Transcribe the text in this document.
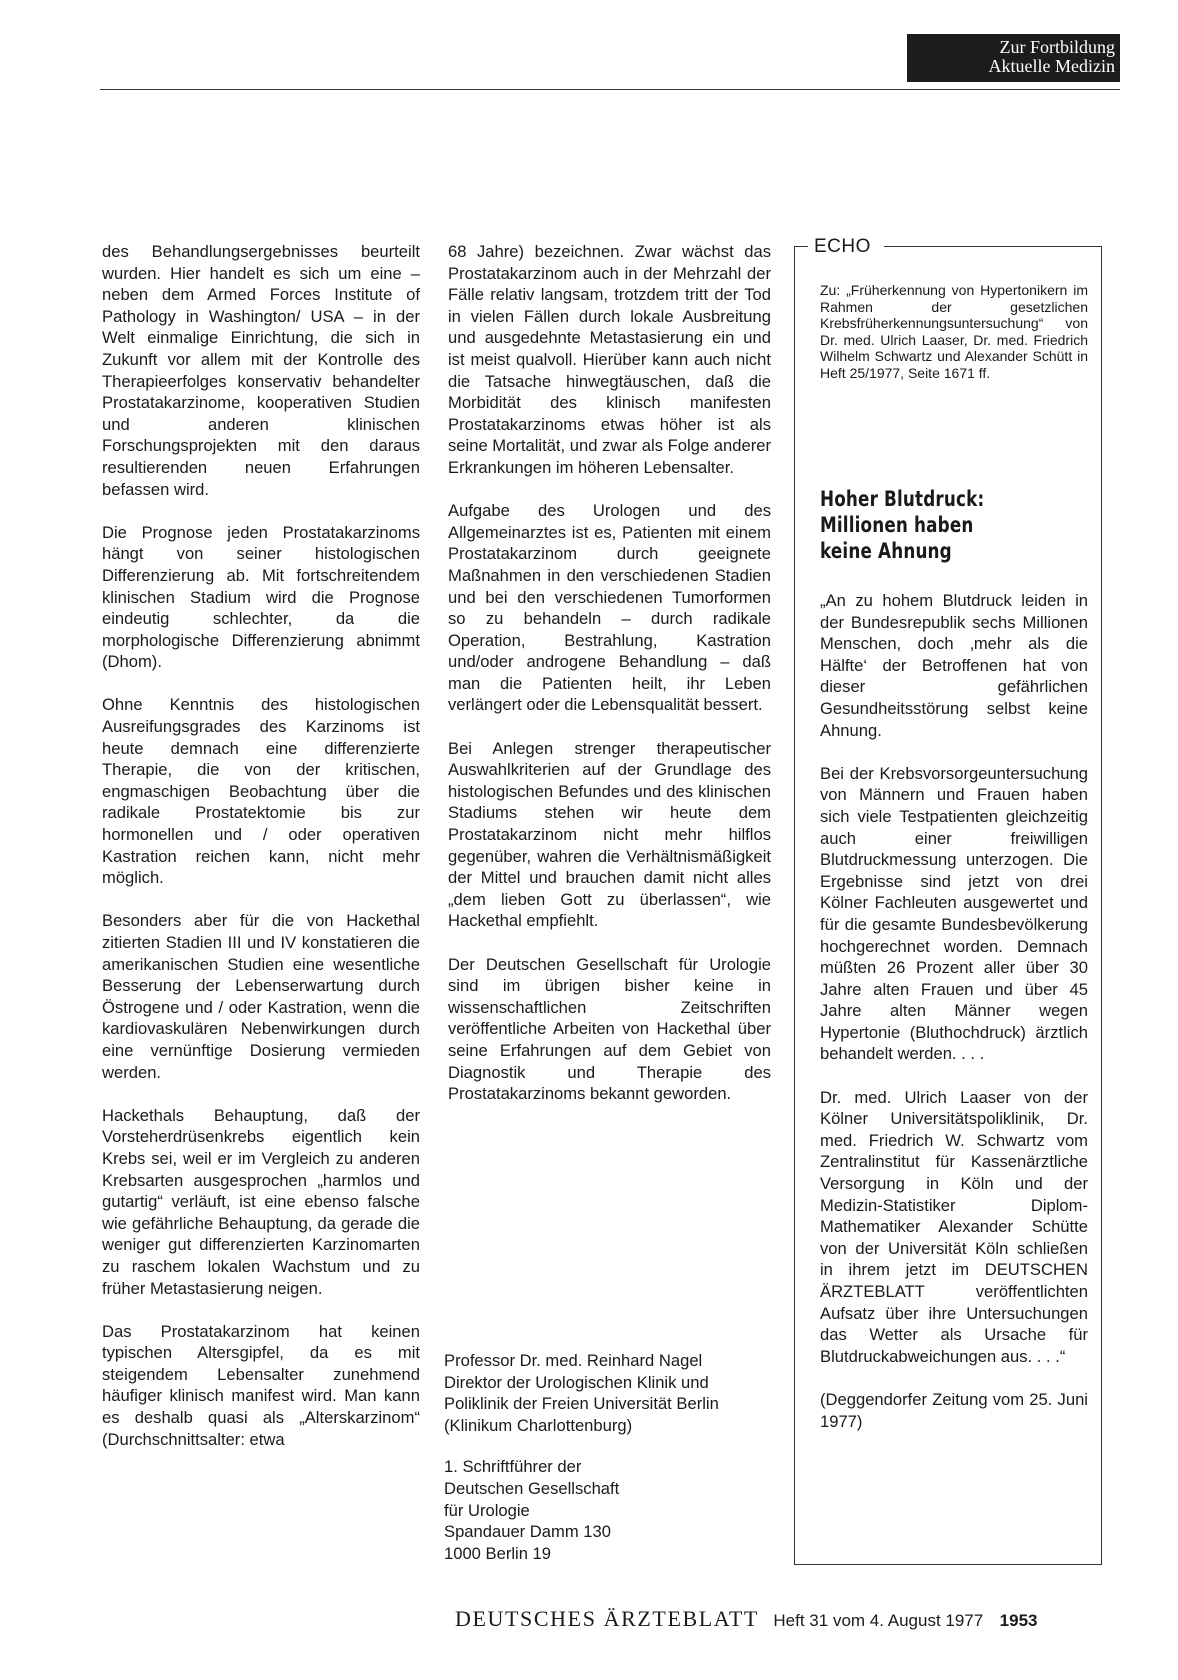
Zur Fortbildung
Aktuelle Medizin

des Behandlungsergebnisses beurteilt wurden. Hier handelt es sich um eine – neben dem Armed Forces Institute of Pathology in Washington/ USA – in der Welt einmalige Einrichtung, die sich in Zukunft vor allem mit der Kontrolle des Therapieerfolges konservativ behandelter Prostatakarzinome, kooperativen Studien und anderen klinischen Forschungsprojekten mit den daraus resultierenden neuen Erfahrungen befassen wird.

Die Prognose jeden Prostatakarzinoms hängt von seiner histologischen Differenzierung ab. Mit fortschreitendem klinischen Stadium wird die Prognose eindeutig schlechter, da die morphologische Differenzierung abnimmt (Dhom).

Ohne Kenntnis des histologischen Ausreifungsgrades des Karzinoms ist heute demnach eine differenzierte Therapie, die von der kritischen, engmaschigen Beobachtung über die radikale Prostatektomie bis zur hormonellen und / oder operativen Kastration reichen kann, nicht mehr möglich.

Besonders aber für die von Hackethal zitierten Stadien III und IV konstatieren die amerikanischen Studien eine wesentliche Besserung der Lebenserwartung durch Östrogene und / oder Kastration, wenn die kardiovaskulären Nebenwirkungen durch eine vernünftige Dosierung vermieden werden.

Hackethals Behauptung, daß der Vorsteherdrüsenkrebs eigentlich kein Krebs sei, weil er im Vergleich zu anderen Krebsarten ausgesprochen „harmlos und gutartig“ verläuft, ist eine ebenso falsche wie gefährliche Behauptung, da gerade die weniger gut differenzierten Karzinomarten zu raschem lokalen Wachstum und zu früher Metastasierung neigen.

Das Prostatakarzinom hat keinen typischen Altersgipfel, da es mit steigendem Lebensalter zunehmend häufiger klinisch manifest wird. Man kann es deshalb quasi als „Alterskarzinom“ (Durchschnittsalter: etwa

68 Jahre) bezeichnen. Zwar wächst das Prostatakarzinom auch in der Mehrzahl der Fälle relativ langsam, trotzdem tritt der Tod in vielen Fällen durch lokale Ausbreitung und ausgedehnte Metastasierung ein und ist meist qualvoll. Hierüber kann auch nicht die Tatsache hinwegtäuschen, daß die Morbidität des klinisch manifesten Prostatakarzinoms etwas höher ist als seine Mortalität, und zwar als Folge anderer Erkrankungen im höheren Lebensalter.

Aufgabe des Urologen und des Allgemeinarztes ist es, Patienten mit einem Prostatakarzinom durch geeignete Maßnahmen in den verschiedenen Stadien und bei den verschiedenen Tumorformen so zu behandeln – durch radikale Operation, Bestrahlung, Kastration und/oder androgene Behandlung – daß man die Patienten heilt, ihr Leben verlängert oder die Lebensqualität bessert.

Bei Anlegen strenger therapeutischer Auswahlkriterien auf der Grundlage des histologischen Befundes und des klinischen Stadiums stehen wir heute dem Prostatakarzinom nicht mehr hilflos gegenüber, wahren die Verhältnismäßigkeit der Mittel und brauchen damit nicht alles „dem lieben Gott zu überlassen“, wie Hackethal empfiehlt.

Der Deutschen Gesellschaft für Urologie sind im übrigen bisher keine in wissenschaftlichen Zeitschriften veröffentliche Arbeiten von Hackethal über seine Erfahrungen auf dem Gebiet von Diagnostik und Therapie des Prostatakarzinoms bekannt geworden.

Professor Dr. med. Reinhard Nagel
Direktor der Urologischen Klinik und Poliklinik der Freien Universität Berlin (Klinikum Charlottenburg)

1. Schriftführer der
Deutschen Gesellschaft
für Urologie
Spandauer Damm 130
1000 Berlin 19

ECHO
Zu: „Früherkennung von Hypertonikern im Rahmen der gesetzlichen Krebsfrüherkennungsuntersuchung“ von Dr. med. Ulrich Laaser, Dr. med. Friedrich Wilhelm Schwartz und Alexander Schütt in Heft 25/1977, Seite 1671 ff.
Hoher Blutdruck:
Millionen haben
keine Ahnung

„An zu hohem Blutdruck leiden in der Bundesrepublik sechs Millionen Menschen, doch ‚mehr als die Hälfte‘ der Betroffenen hat von dieser gefährlichen Gesundheitsstörung selbst keine Ahnung.

Bei der Krebsvorsorgeuntersuchung von Männern und Frauen haben sich viele Testpatienten gleichzeitig auch einer freiwilligen Blutdruckmessung unterzogen. Die Ergebnisse sind jetzt von drei Kölner Fachleuten ausgewertet und für die gesamte Bundesbevölkerung hochgerechnet worden. Demnach müßten 26 Prozent aller über 30 Jahre alten Frauen und über 45 Jahre alten Männer wegen Hypertonie (Bluthochdruck) ärztlich behandelt werden. . . .

Dr. med. Ulrich Laaser von der Kölner Universitätspoliklinik, Dr. med. Friedrich W. Schwartz vom Zentralinstitut für Kassenärztliche Versorgung in Köln und der Medizin-Statistiker Diplom-Mathematiker Alexander Schütte von der Universität Köln schließen in ihrem jetzt im DEUTSCHEN ÄRZTEBLATT veröffentlichten Aufsatz über ihre Untersuchungen das Wetter als Ursache für Blutdruckabweichungen aus. . . .“

(Deggendorfer Zeitung vom 25. Juni 1977)

DEUTSCHES ÄRZTEBLATT Heft 31 vom 4. August 1977 1953
